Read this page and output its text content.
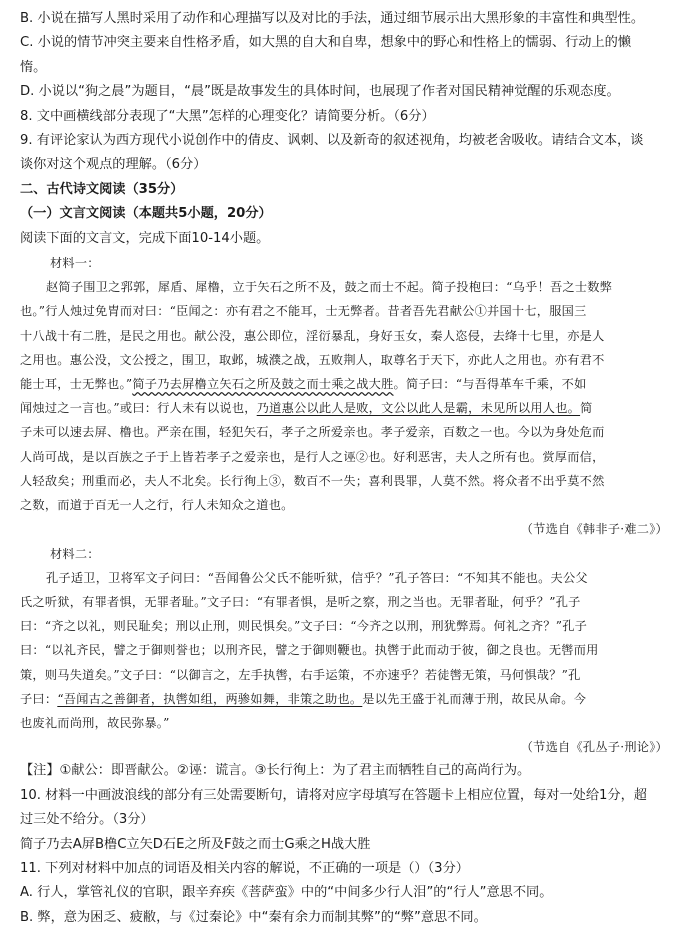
B. 小说在描写人黑时采用了动作和心理描写以及对比的手法，通过细节展示出大黑形象的丰富性和典型性。
C. 小说的情节冲突主要来自性格矛盾，如大黑的自大和自卑，想象中的野心和性格上的懦弱、行动上的懒
惰。
D. 小说以“狗之晨”为题目，“晨”既是故事发生的具体时间，也展现了作者对国民精神觉醒的乐观态度。
8. 文中画横线部分表现了“大黑”怎样的心理变化？请简要分析。（6分）
9. 有评论家认为西方现代小说创作中的倩皮、讽刺、以及新奇的叙述视角，均被老舍吸收。请结合文本，谈
谈你对这个观点的理解。（6分）
二、古代诗文阅读（35分）
（一）文言文阅读（本题共5小题，20分）
阅读下面的文言文，完成下面10-14小题。
材料一：
赵简子围卫之郛郭，犀盾、犀橹，立于矢石之所不及，鼓之而士不起。简子投枹曰：“乌乎！吾之士数弊
也。”行人烛过免胄而对曰：“臣闻之：亦有君之不能耳，士无弊者。昔者吾先君献公①并国十七，服国三
十八战十有二胜，是民之用也。献公没，惠公即位，淫衍暴乱，身好玉女，秦人恣侵，去绛十七里，亦是人
之用也。惠公没，文公授之，围卫，取邺，城濮之战，五败荆人，取尊名于天下，亦此人之用也。亦有君不
能士耳，士无弊也。”简子乃去屏橹立矢石之所及鼓之而士乘之战大胜。简子曰：“与吾得革车千乘，不如
闻烛过之一言也。”或曰：行人未有以说也，乃道惠公以此人是败，文公以此人是霸，未见所以用人也。简
子未可以速去屏、橹也。严亲在围，轻犯矢石，孝子之所爱亲也。孝子爱亲，百数之一也。今以为身处危而
人尚可战，是以百族之子于上皆若孝子之爱亲也，是行人之诬②也。好利恶害，夫人之所有也。赏厚而信，
人轻敌矣；刑重而必，夫人不北矣。长行徇上③，数百不一失；喜利畏罪，人莫不然。将众者不出乎莫不然
之数，而道于百无一人之行，行人未知众之道也。
（节选自《韩非子·难二》）
材料二：
孔子适卫，卫将军文子问曰：“吾闻鲁公父氏不能听狱，信乎？”孔子答曰：“不知其不能也。夫公父
氏之听狱，有罪者惧，无罪者耻。”文子曰：“有罪者惧，是听之察，刑之当也。无罪者耻，何乎？”孔子
曰：“齐之以礼，则民耻矣；刑以止刑，则民惧矣。”文子曰：“今齐之以刑，刑犹弊焉。何礼之齐？”孔子
曰：“以礼齐民，譬之于御则誉也；以刑齐民，譬之于御则鞭也。执辔于此而动于彼，御之良也。无辔而用
策，则马失道矣。”文子曰：“以御言之，左手执辔，右手运策，不亦速乎？若徒辔无策，马何惧哉？”孔
子曰：“吾闻古之善御者，执辔如组，两骖如舞，非策之助也。是以先王盛于礼而薄于刑，故民从命。今
也废礼而尚刑，故民弥暴。”
（节选自《孔丛子·刑论》）
【注】①献公：即晋献公。②诬：谎言。③长行徇上：为了君主而牺牲自己的高尚行为。
10. 材料一中画波浪线的部分有三处需要断句，请将对应字母填写在答题卡上相应位置，每对一处给1分，超
过三处不给分。（3分）
简子乃去A屏B橹C立矢D石E之所及F鼓之而士G乘之H战大胜
11. 下列对材料中加点的词语及相关内容的解说，不正确的一项是（）（3分）
A. 行人，掌管礼仪的官职，跟辛弃疾《菩萨蛮》中的“中间多少行人泪”的“行人”意思不同。
B. 弊，意为困乏、疲敝，与《过秦论》中“秦有余力而制其弊”的“弊”意思不同。
